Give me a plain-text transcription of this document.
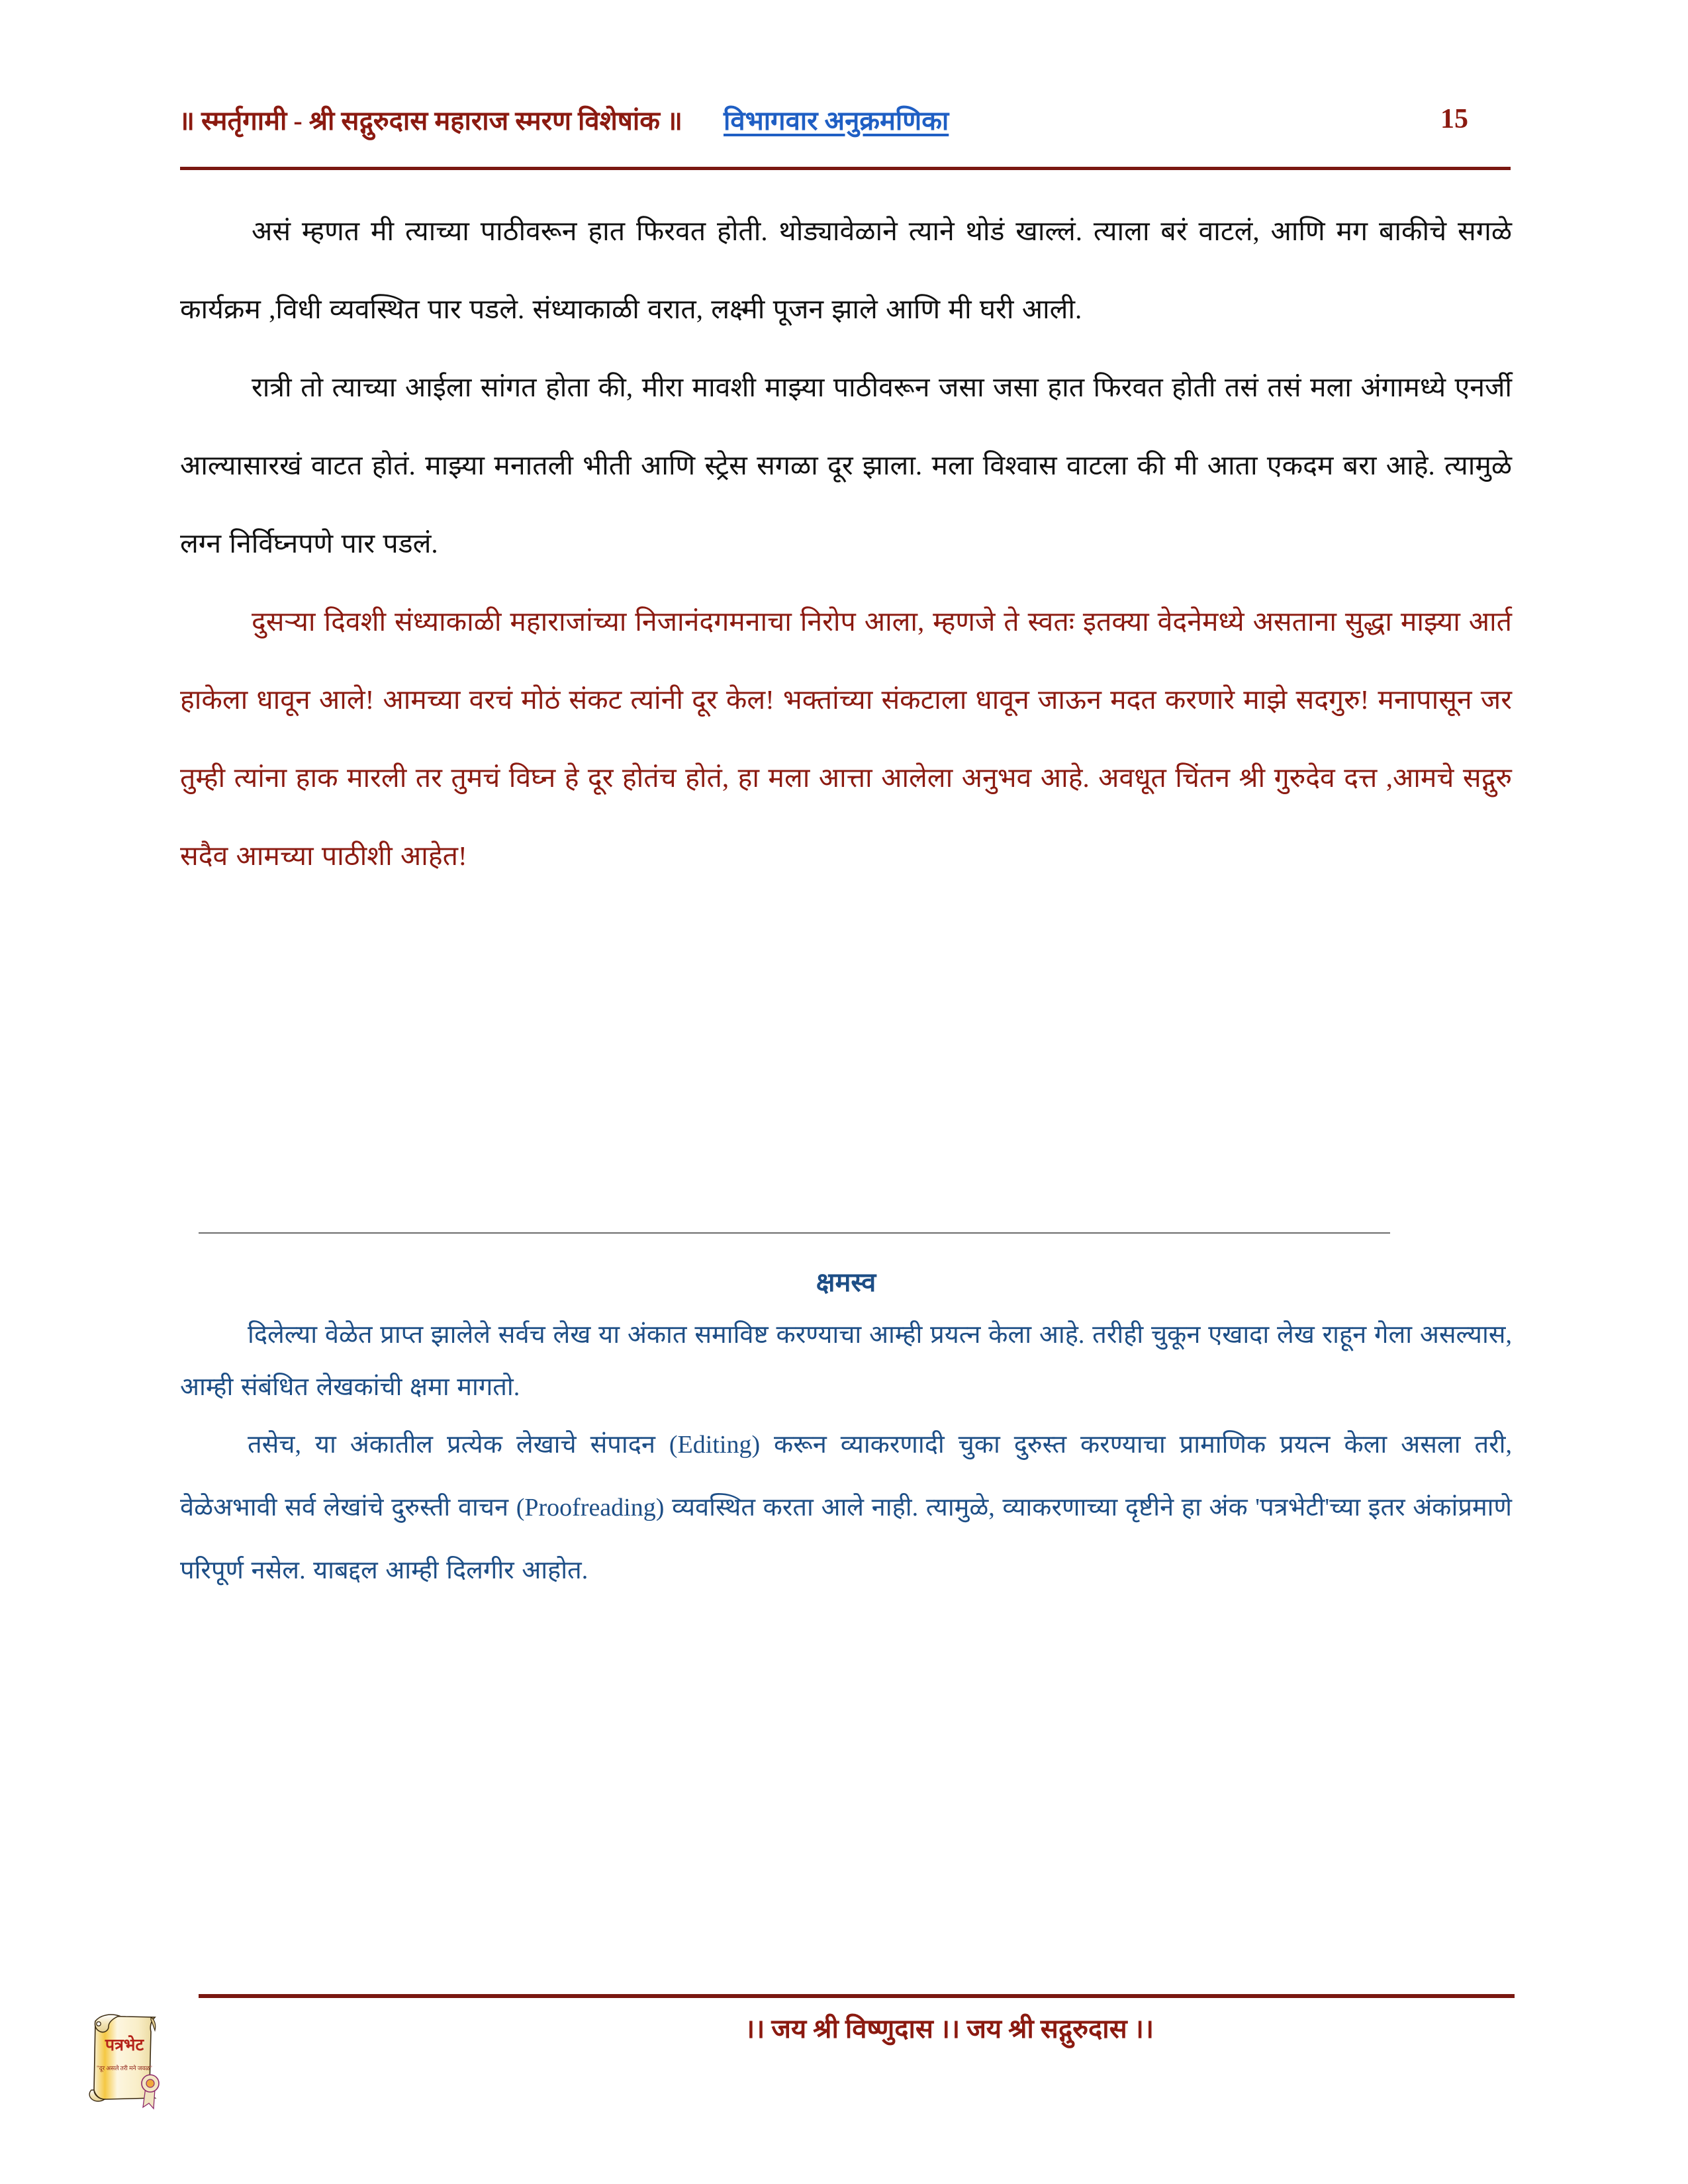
॥ स्मर्तृगामी - श्री सद्गुरुदास महाराज स्मरण विशेषांक ॥ विभागवार अनुक्रमणिका	15

असं म्हणत मी त्याच्या पाठीवरून हात फिरवत होती. थोड्यावेळाने त्याने थोडं खाल्लं. त्याला बरं वाटलं, आणि मग बाकीचे सगळे कार्यक्रम ,विधी व्यवस्थित पार पडले. संध्याकाळी वरात, लक्ष्मी पूजन झाले आणि मी घरी आली.

रात्री तो त्याच्या आईला सांगत होता की, मीरा मावशी माझ्या पाठीवरून जसा जसा हात फिरवत होती तसं तसं मला अंगामध्ये एनर्जी आल्यासारखं वाटत होतं. माझ्या मनातली भीती आणि स्ट्रेस सगळा दूर झाला. मला विश्वास वाटला की मी आता एकदम बरा आहे. त्यामुळे लग्न निर्विघ्नपणे पार पडलं.

दुसऱ्या दिवशी संध्याकाळी महाराजांच्या निजानंदगमनाचा निरोप आला, म्हणजे ते स्वतः इतक्या वेदनेमध्ये असताना सुद्धा माझ्या आर्त हाकेला धावून आले! आमच्या वरचं मोठं संकट त्यांनी दूर केल! भक्तांच्या संकटाला धावून जाऊन मदत करणारे माझे सद‌गुरु! मनापासून जर तुम्ही त्यांना हाक मारली तर तुमचं विघ्न हे दूर होतंच होतं, हा मला आत्ता आलेला अनुभव आहे. अवधूत चिंतन श्री गुरुदेव दत्त ,आमचे सद्गुरु सदैव आमच्या पाठीशी आहेत!

क्षमस्व

दिलेल्या वेळेत प्राप्त झालेले सर्वच लेख या अंकात समाविष्ट करण्याचा आम्ही प्रयत्न केला आहे. तरीही चुकून एखादा लेख राहून गेला असल्यास, आम्ही संबंधित लेखकांची क्षमा मागतो.

तसेच, या अंकातील प्रत्येक लेखाचे संपादन (Editing) करून व्याकरणादी चुका दुरुस्त करण्याचा प्रामाणिक प्रयत्न केला असला तरी, वेळेअभावी सर्व लेखांचे दुरुस्ती वाचन (Proofreading) व्यवस्थित करता आले नाही. त्यामुळे, व्याकरणाच्या दृष्टीने हा अंक 'पत्रभेटी'च्या इतर अंकांप्रमाणे परिपूर्ण नसेल. याबद्दल आम्ही दिलगीर आहोत.

।। जय श्री विष्णुदास ।। जय श्री सद्गुरुदास ।।
पत्रभेट
"दूर असले तरी मने जवळ"
